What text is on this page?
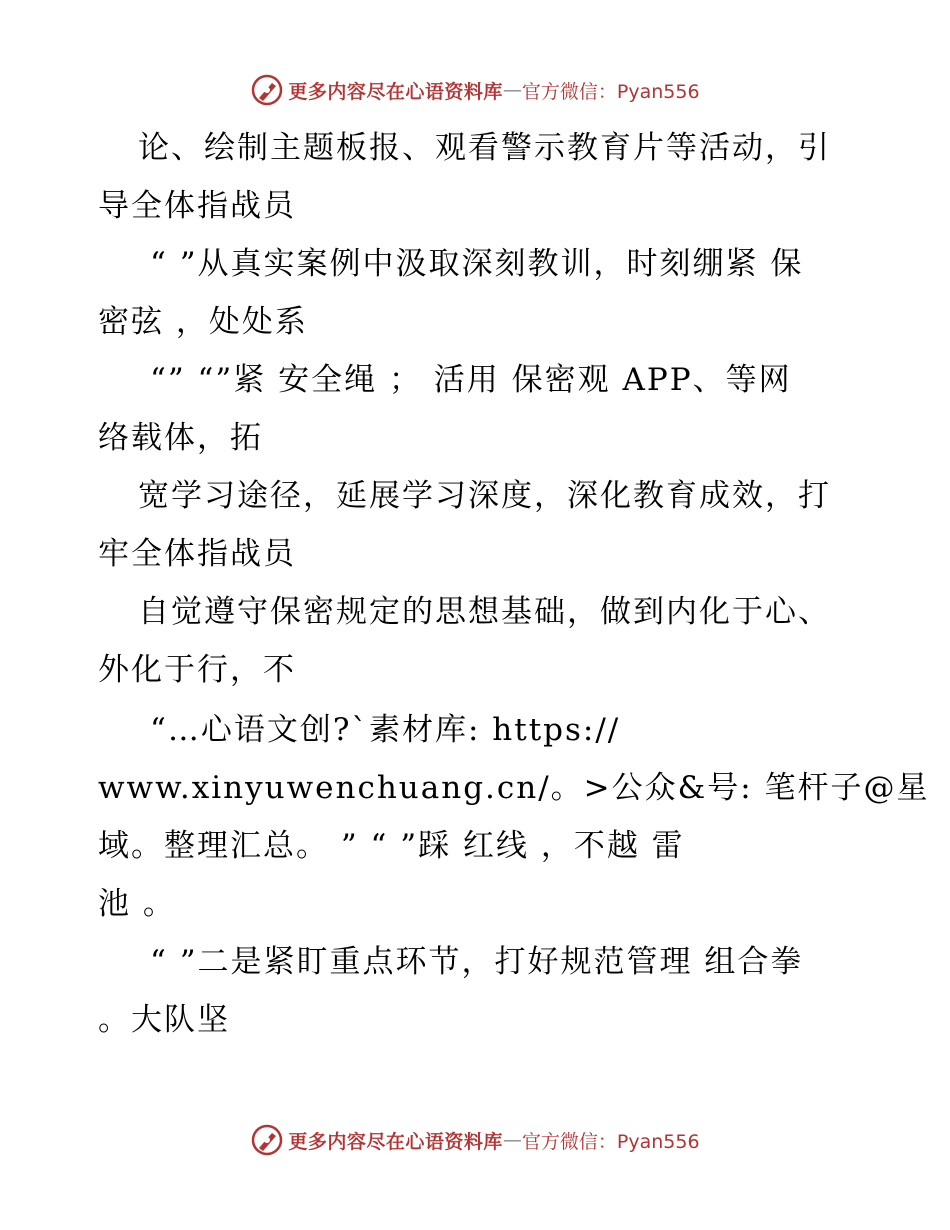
更多内容尽在心语资料库 — 官方微信：Pyan556
论、绘制主题板报、观看警示教育片等活动，引
导全体指战员
“ ”从真实案例中汲取深刻教训，时刻绷紧 保
密弦 ，处处系
“” “”紧 安全绳 ； 活用 保密观 APP、等网
络载体，拓
宽学习途径，延展学习深度，深化教育成效，打
牢全体指战员
自觉遵守保密规定的思想基础，做到内化于心、
外化于行，不
“…心语文创?`素材库: https://
www.xinyuwenchuang.cn/。>公众&号: 笔杆子@星
域。整理汇总。 ” “ ”踩 红线 ，不越 雷
池 。
“ ”二是紧盯重点环节，打好规范管理 组合拳
。大队坚
更多内容尽在心语资料库 — 官方微信：Pyan556
